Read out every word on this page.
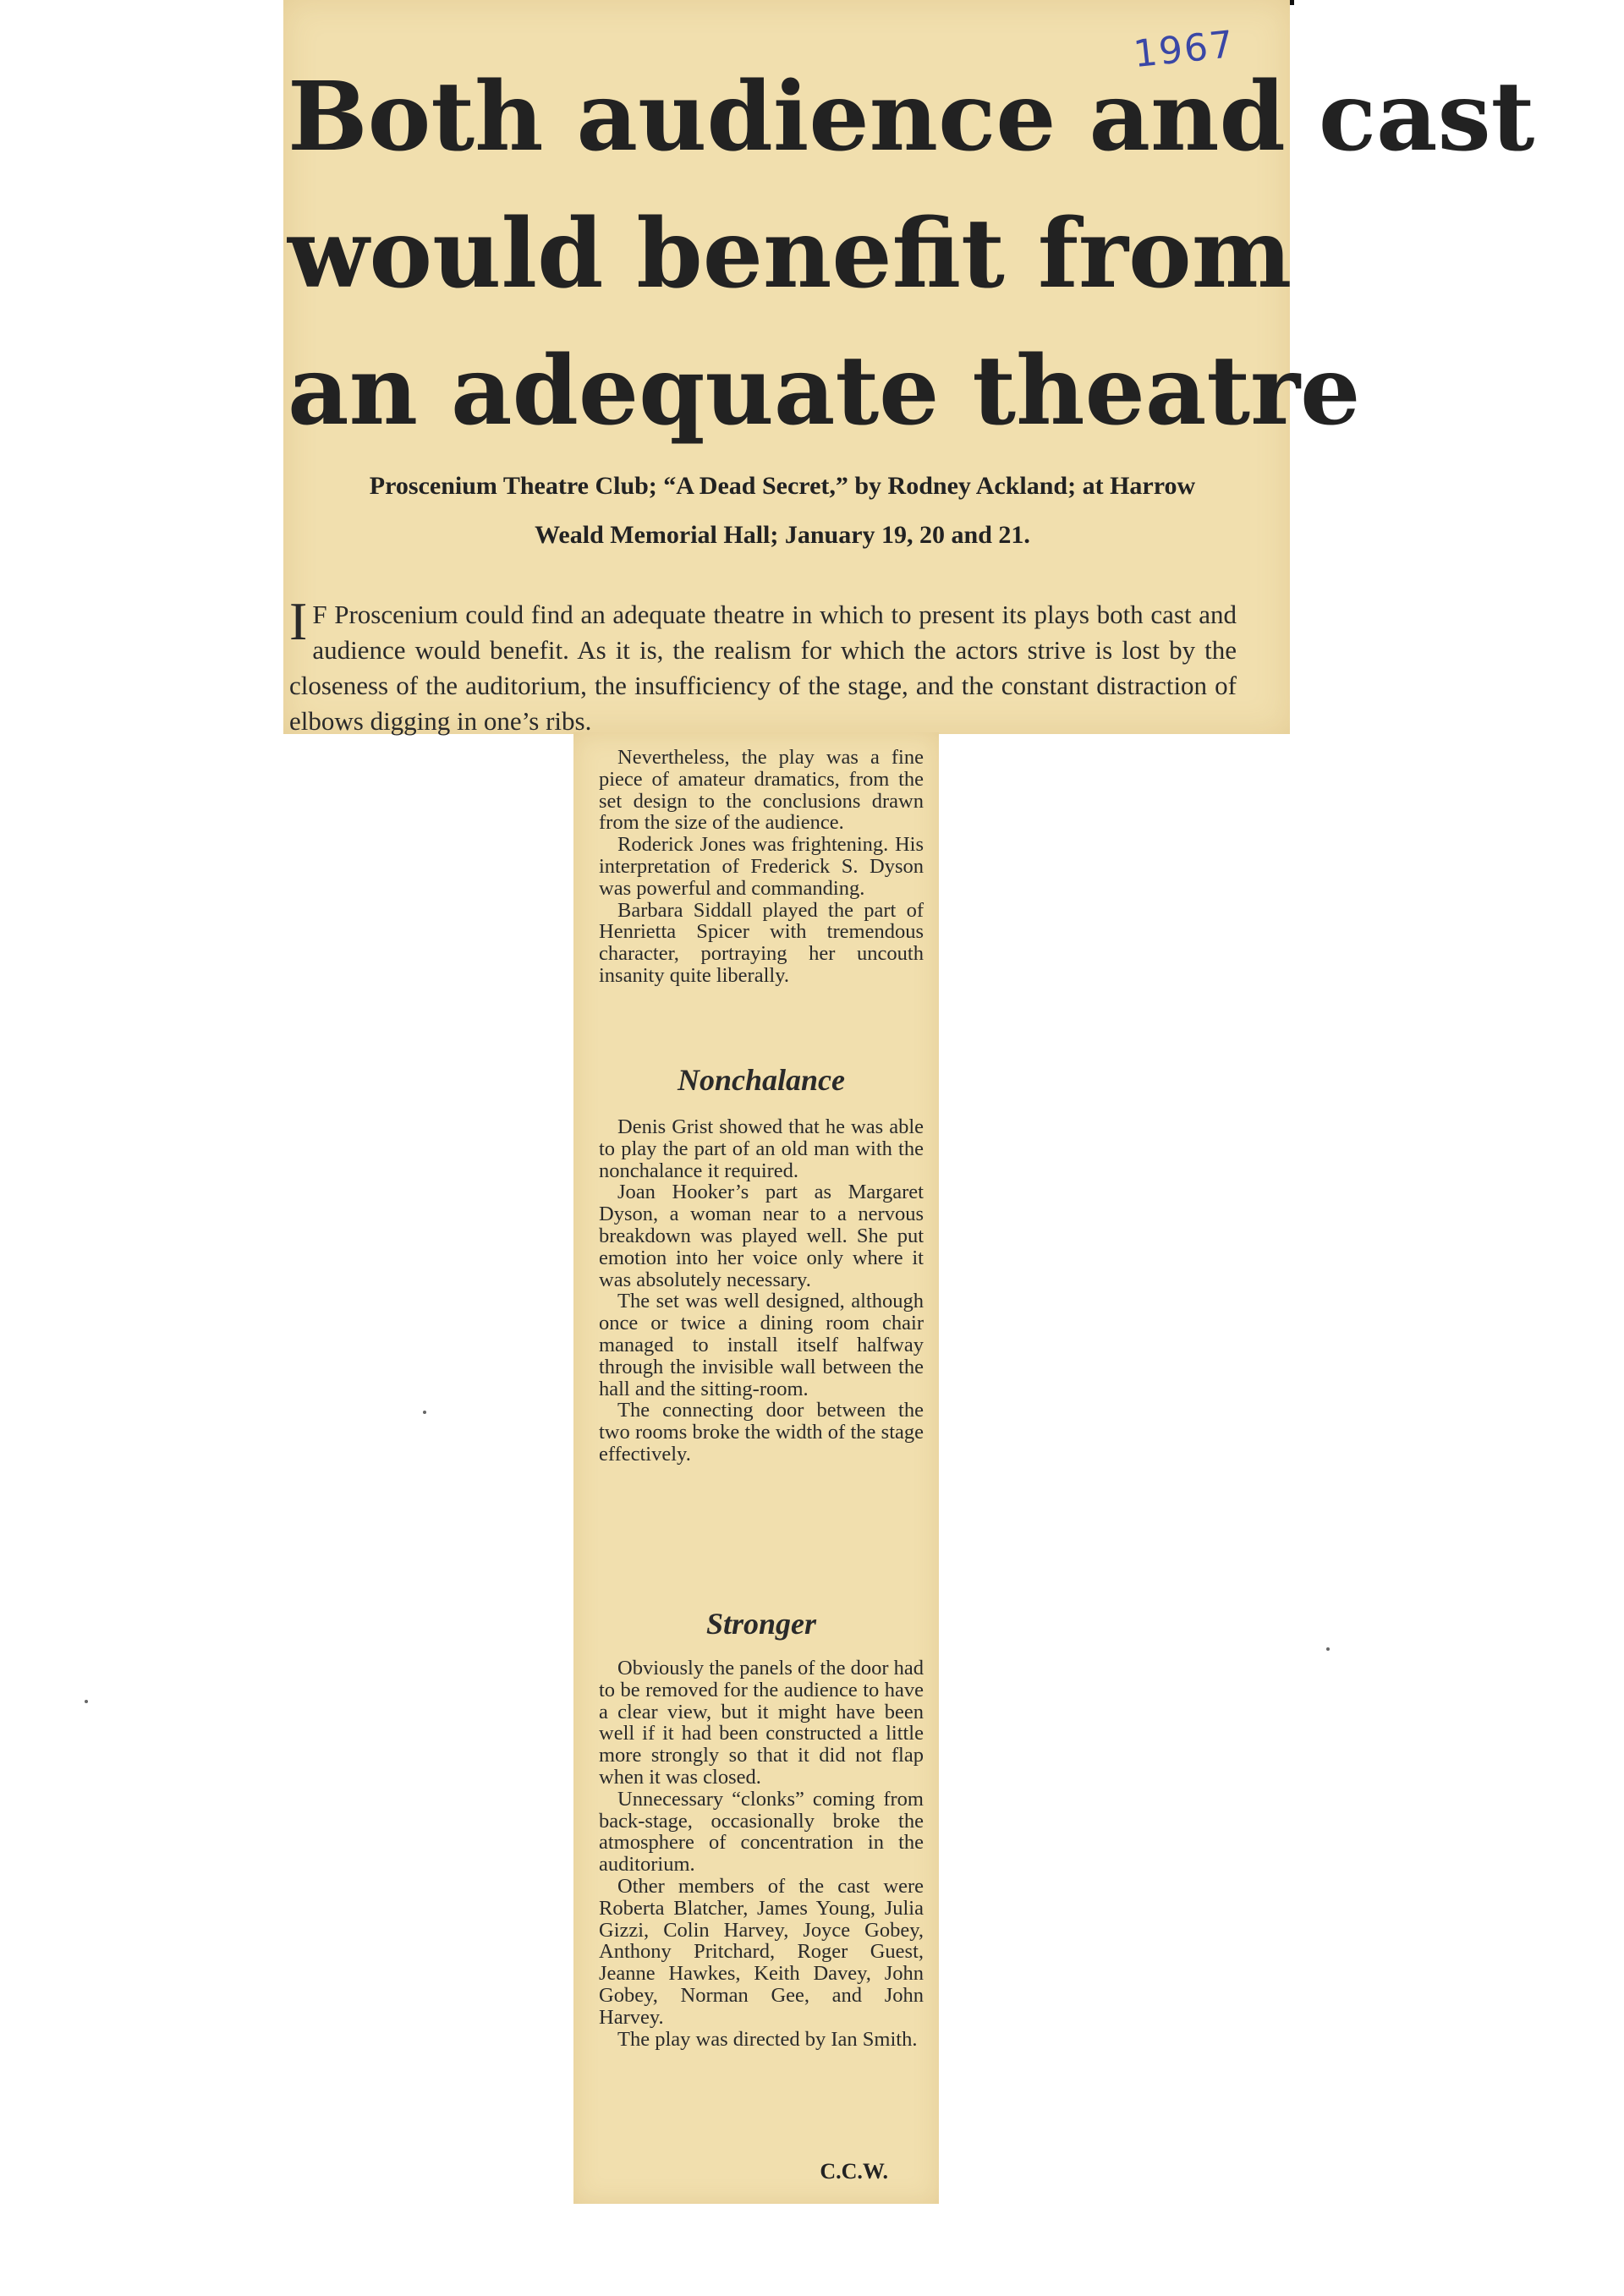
1967
Both audience and cast
would benefit from
an adequate theatre
Proscenium Theatre Club; “A Dead Secret,” by Rodney Ackland; at Harrow
Weald Memorial Hall; January 19, 20 and 21.
I F Proscenium could find an adequate theatre in which to present its plays both cast and audience would benefit. As it is, the realism for which the actors strive is lost by the closeness of the auditorium, the insufficiency of the stage, and the constant distraction of elbows digging in one’s ribs.

Nevertheless, the play was a fine piece of amateur dramatics, from the set design to the conclusions drawn from the size of the audience.

Roderick Jones was frightening. His interpretation of Frederick S. Dyson was powerful and commanding.

Barbara Siddall played the part of Henrietta Spicer with tremendous character, portraying her uncouth insanity quite liberally.

Nonchalance

Denis Grist showed that he was able to play the part of an old man with the nonchalance it required.

Joan Hooker’s part as Margaret Dyson, a woman near to a nervous breakdown was played well. She put emotion into her voice only where it was absolutely necessary.

The set was well designed, although once or twice a dining room chair managed to install itself halfway through the invisible wall between the hall and the sitting-room.

The connecting door between the two rooms broke the width of the stage effectively.

Stronger

Obviously the panels of the door had to be removed for the audience to have a clear view, but it might have been well if it had been constructed a little more strongly so that it did not flap when it was closed.

Unnecessary “clonks” coming from back-stage, occasionally broke the atmosphere of concentration in the auditorium.

Other members of the cast were Roberta Blatcher, James Young, Julia Gizzi, Colin Harvey, Joyce Gobey, Anthony Pritchard, Roger Guest, Jeanne Hawkes, Keith Davey, John Gobey, Norman Gee, and John Harvey.

The play was directed by Ian Smith.

C.C.W.
